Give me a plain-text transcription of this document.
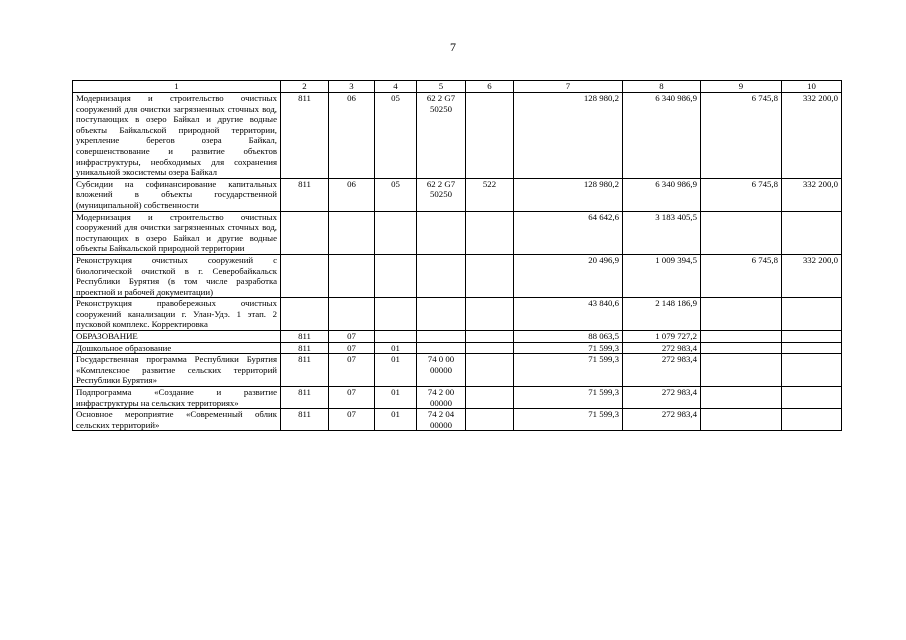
7
1	2	3	4	5	6	7	8	9	10
Модернизация и строительство очистных сооружений для очистки загрязненных сточных вод, поступающих в озеро Байкал и другие водные объекты Байкальской природной территории, укрепление берегов озера Байкал, совершенствование и развитие объектов инфраструктуры, необходимых для сохранения уникальной экосистемы озера Байкал	811	06	05	62 2 G7 50250		128 980,2	6 340 986,9	6 745,8	332 200,0
Субсидии на софинансирование капитальных вложений в объекты государственной (муниципальной) собственности	811	06	05	62 2 G7 50250	522	128 980,2	6 340 986,9	6 745,8	332 200,0
Модернизация и строительство очистных сооружений для очистки загрязненных сточных вод, поступающих в озеро Байкал и другие водные объекты Байкальской природной территории						64 642,6	3 183 405,5		
Реконструкция очистных сооружений с биологической очисткой в г. Северобайкальск Республики Бурятия (в том числе разработка проектной и рабочей документации)						20 496,9	1 009 394,5	6 745,8	332 200,0
Реконструкция правобережных очистных сооружений канализации г. Улан-Удэ. 1 этап. 2 пусковой комплекс. Корректировка						43 840,6	2 148 186,9		
ОБРАЗОВАНИЕ	811	07				88 063,5	1 079 727,2		
Дошкольное образование	811	07	01			71 599,3	272 983,4		
Государственная программа Республики Бурятия «Комплексное развитие сельских территорий Республики Бурятия»	811	07	01	74 0 00 00000		71 599,3	272 983,4		
Подпрограмма «Создание и развитие инфраструктуры на сельских территориях»	811	07	01	74 2 00 00000		71 599,3	272 983,4		
Основное мероприятие «Современный облик сельских территорий»	811	07	01	74 2 04 00000		71 599,3	272 983,4		
